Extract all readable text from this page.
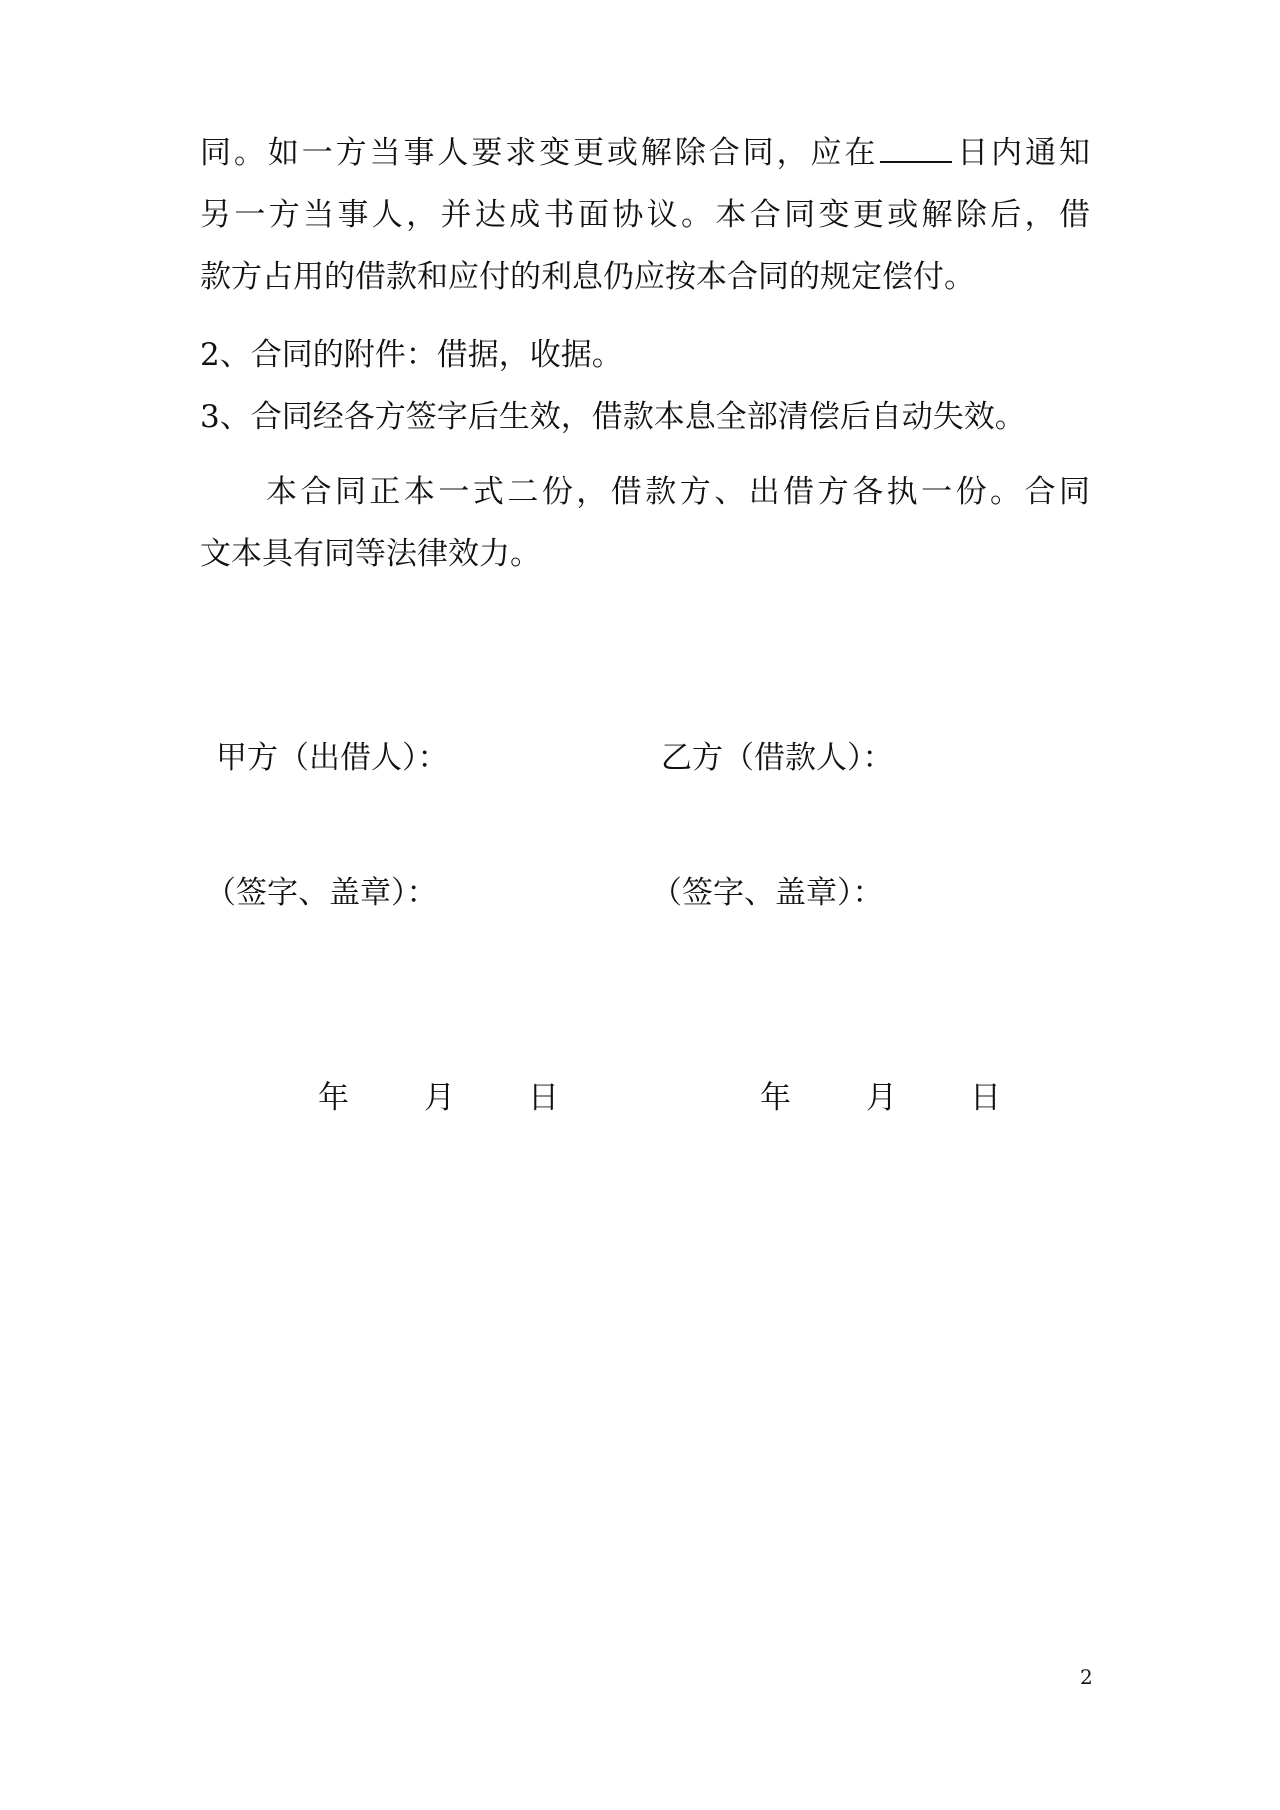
同。如一方当事人要求变更或解除合同，应在 日内通知
另一方当事人，并达成书面协议。本合同变更或解除后，借
款方占用的借款和应付的利息仍应按本合同的规定偿付。
2、合同的附件：借据，收据。
3、合同经各方签字后生效，借款本息全部清偿后自动失效。
本合同正本一式二份，借款方、出借方各执一份。合同
文本具有同等法律效力。
甲方（出借人）：	乙方（借款人）：
（签字、盖章）：	（签字、盖章）：
年 月 日	年 月 日
2
